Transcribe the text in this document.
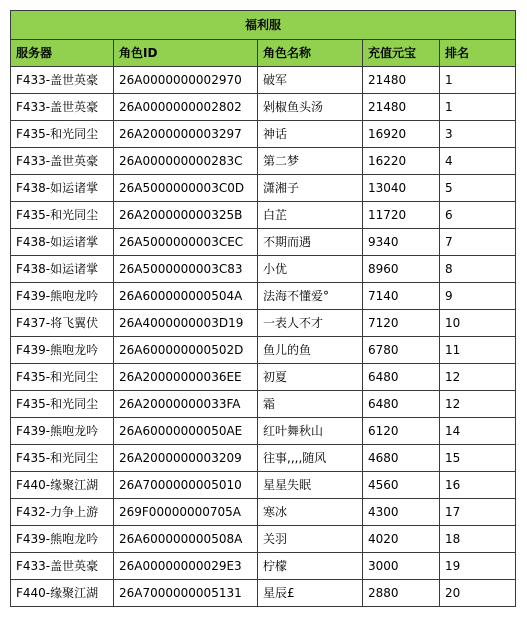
福利服				
服务器	角色ID	角色名称	充值元宝	排名
F433-盖世英豪	26A0000000002970	破军	21480	1
F433-盖世英豪	26A0000000002802	剁椒鱼头汤	21480	1
F435-和光同尘	26A2000000003297	神话	16920	3
F433-盖世英豪	26A000000000283C	第二梦	16220	4
F438-如运诸掌	26A5000000003C0D	潇湘子	13040	5
F435-和光同尘	26A200000000325B	白芷	11720	6
F438-如运诸掌	26A5000000003CEC	不期而遇	9340	7
F438-如运诸掌	26A5000000003C83	小优	8960	8
F439-熊咆龙吟	26A600000000504A	法海不懂爱°	7140	9
F437-将飞翼伏	26A4000000003D19	一表人不才	7120	10
F439-熊咆龙吟	26A600000000502D	鱼儿的鱼	6780	11
F435-和光同尘	26A20000000036EE	初夏	6480	12
F435-和光同尘	26A20000000033FA	霜	6480	12
F439-熊咆龙吟	26A60000000050AE	红叶舞秋山	6120	14
F435-和光同尘	26A2000000003209	往事,,,,随风	4680	15
F440-缘聚江湖	26A7000000005010	星星失眠	4560	16
F432-力争上游	269F00000000705A	寒冰	4300	17
F439-熊咆龙吟	26A600000000508A	关羽	4020	18
F433-盖世英豪	26A00000000029E3	柠檬	3000	19
F440-缘聚江湖	26A7000000005131	星辰£	2880	20
